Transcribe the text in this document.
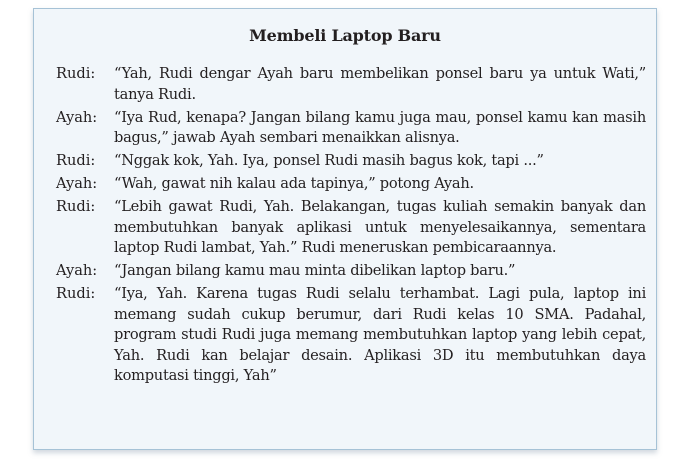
Membeli Laptop Baru
Rudi:	“Yah, Rudi dengar Ayah baru membelikan ponsel baru ya untuk Wati,” tanya Rudi.
Ayah:	“Iya Rud, kenapa? Jangan bilang kamu juga mau, ponsel kamu kan masih bagus,” jawab Ayah sembari menaikkan alisnya.
Rudi:	“Nggak kok, Yah. Iya, ponsel Rudi masih bagus kok, tapi ...”
Ayah:	“Wah, gawat nih kalau ada tapinya,” potong Ayah.
Rudi:	“Lebih gawat Rudi, Yah. Belakangan, tugas kuliah semakin banyak dan membutuhkan banyak aplikasi untuk menyelesaikannya, sementara laptop Rudi lambat, Yah.” Rudi meneruskan pembicaraannya.
Ayah:	“Jangan bilang kamu mau minta dibelikan laptop baru.”
Rudi:	“Iya, Yah. Karena tugas Rudi selalu terhambat. Lagi pula, laptop ini memang sudah cukup berumur, dari Rudi kelas 10 SMA. Padahal, program studi Rudi juga memang membutuhkan laptop yang lebih cepat, Yah. Rudi kan belajar desain. Aplikasi 3D itu membutuhkan daya komputasi tinggi, Yah”
